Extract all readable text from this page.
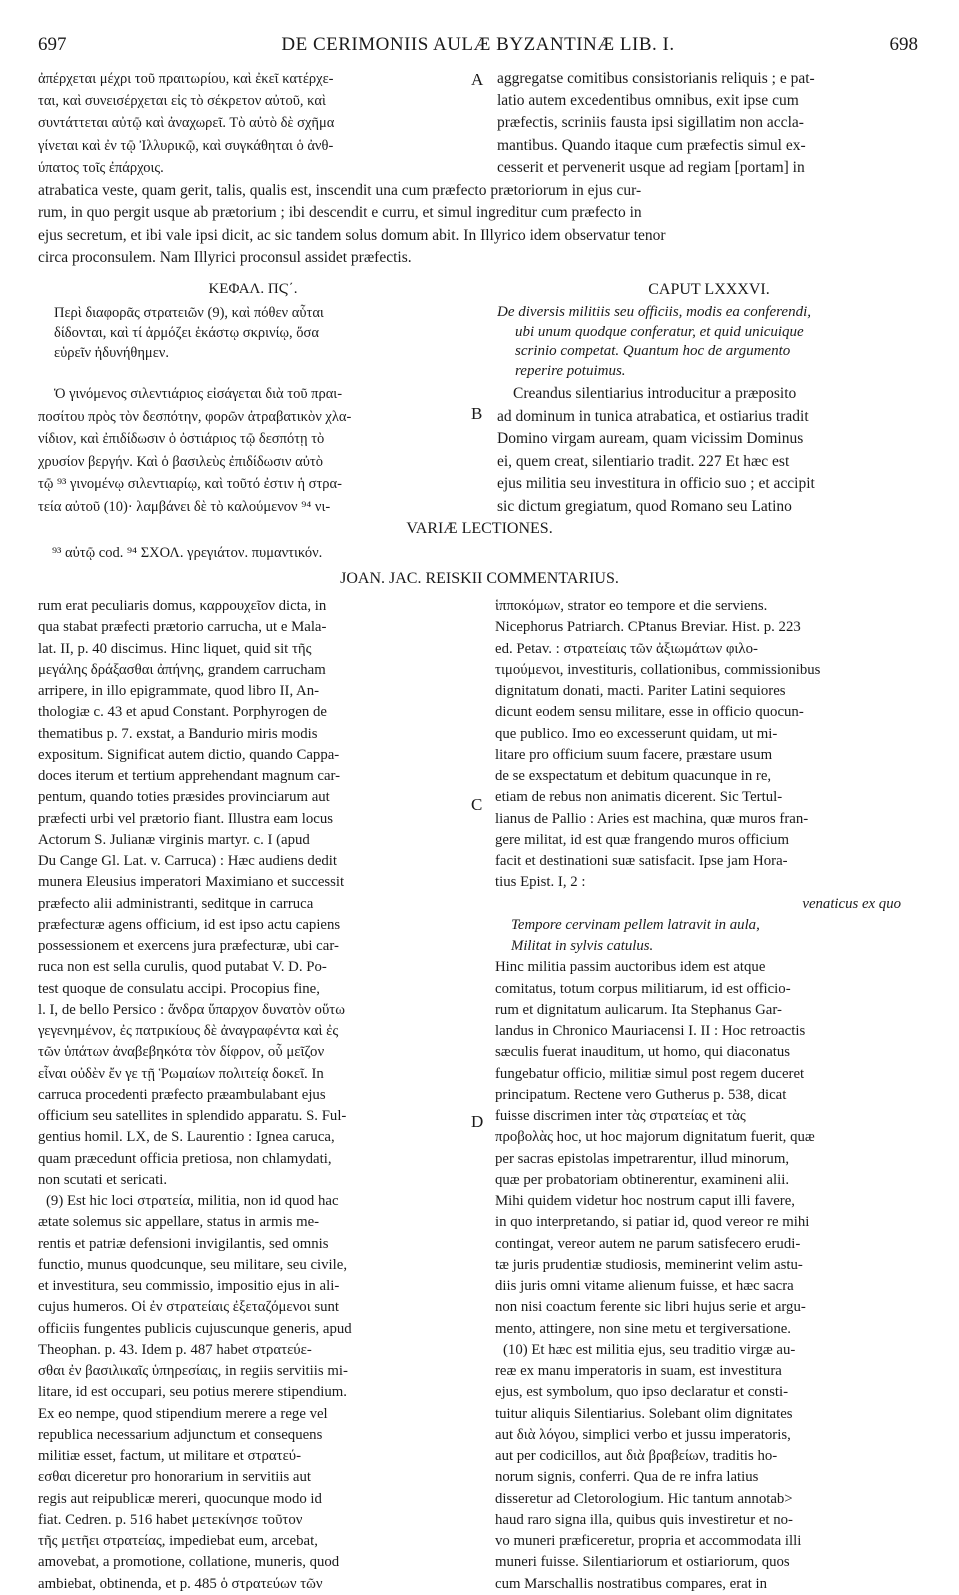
697	DE CERIMONIIS AULÆ BYZANTINÆ LIB. I.	698
A
B
C
D
ἀπέρχεται μέχρι τοῦ πραιτωρίου, καὶ ἐκεῖ κατέρχε-
ται, καὶ συνεισέρχεται εἰς τὸ σέκρετον αὐτοῦ, καὶ
συντάττεται αὐτῷ καὶ ἀναχωρεῖ. Τὸ αὐτὸ δὲ σχῆμα
γίνεται καὶ ἐν τῷ Ἰλλυρικῷ, καὶ συγκάθηται ὁ ἀνθ-
ύπατος τοῖς ἐπάρχοις.
aggregatse comitibus consistorianis reliquis ; e pat-
latio autem excedentibus omnibus, exit ipse cum
præfectis, scriniis fausta ipsi sigillatim non accla-
mantibus. Quando itaque cum præfectis simul ex-
cesserit et pervenerit usque ad regiam [portam] in
atrabatica veste, quam gerit, talis, qualis est, inscendit una cum præfecto prætoriorum in ejus cur-
rum, in quo pergit usque ab prætorium ; ibi descendit e curru, et simul ingreditur cum præfecto in
ejus secretum, et ibi vale ipsi dicit, ac sic tandem solus domum abit. In Illyrico idem observatur tenor
circa proconsulem. Nam Illyrici proconsul assidet præfectis.
ΚΕΦΑΛ. ΠϚ΄.	CAPUT LXXXVI.
Περὶ διαφορᾶς στρατειῶν (9), καὶ πόθεν αὗται
δίδονται, καὶ τί ἁρμόζει ἑκάστῳ σκρινίῳ, ὅσα
εὑρεῖν ἠδυνήθημεν.
De diversis militiis seu officiis, modis ea conferendi,
ubi unum quodque conferatur, et quid unicuique
scrinio competat. Quantum hoc de argumento
reperire potuimus.
Ὁ γινόμενος σιλεντιάριος εἰσάγεται διὰ τοῦ πραι-
ποσίτου πρὸς τὸν δεσπότην, φορῶν ἀτραβατικὸν χλα-
νίδιον, καὶ ἐπιδίδωσιν ὁ ὀστιάριος τῷ δεσπότῃ τὸ
χρυσίον βεργήν. Καὶ ὁ βασιλεὺς ἐπιδίδωσιν αὐτὸ
τῷ ⁹³ γινομένῳ σιλεντιαρίῳ, καὶ τοῦτό ἐστιν ἡ στρα-
τεία αὐτοῦ (10)· λαμβάνει δὲ τὸ καλούμενον ⁹⁴ νι-
Creandus silentiarius introducitur a præposito
ad dominum in tunica atrabatica, et ostiarius tradit
Domino virgam auream, quam vicissim Dominus
ei, quem creat, silentiario tradit. 227 Et hæc est
ejus militia seu investitura in officio suo ; et accipit
sic dictum gregiatum, quod Romano seu Latino
VARIÆ LECTIONES.
⁹³ αὐτῷ cod. ⁹⁴ ΣΧΟΛ. γρεγιάτον. πυμαντικόν.
JOAN. JAC. REISKII COMMENTARIUS.
rum erat peculiaris domus, καρρουχεῖον dicta, in
qua stabat præfecti prætorio carrucha, ut e Mala-
lat. II, p. 40 discimus. Hinc liquet, quid sit τῆς
μεγάλης δράξασθαι ἀπήνης, grandem carrucham
arripere, in illo epigrammate, quod libro II, An-
thologiæ c. 43 et apud Constant. Porphyrogen de
thematibus p. 7. exstat, a Bandurio miris modis
expositum. Significat autem dictio, quando Cappa-
doces iterum et tertium apprehendant magnum car-
pentum, quando toties præsides provinciarum aut
præfecti urbi vel prætorio fiant. Illustra eam locus
Actorum S. Julianæ virginis martyr. c. I (apud
Du Cange Gl. Lat. v. Carruca) : Hæc audiens dedit
munera Eleusius imperatori Maximiano et successit
præfecto alii administranti, seditque in carruca
præfecturæ agens officium, id est ipso actu capiens
possessionem et exercens jura præfecturæ, ubi car-
ruca non est sella curulis, quod putabat V. D. Po-
test quoque de consulatu accipi. Procopius fine,
l. I, de bello Persico : ἄνδρα ὕπαρχον δυνατὸν οὕτω
γεγενημένον, ἐς πατρικίους δὲ ἀναγραφέντα καὶ ἐς
τῶν ὑπάτων ἀναβεβηκότα τὸν δίφρον, οὗ μεῖζον
εἶναι οὐδὲν ἔν γε τῇ Ῥωμαίων πολιτείᾳ δοκεῖ. In
carruca procedenti præfecto præambulabant ejus
officium seu satellites in splendido apparatu. S. Ful-
gentius homil. LX, de S. Laurentio : Ignea caruca,
quam præcedunt officia pretiosa, non chlamydati,
non scutati et sericati.
(9) Est hic loci στρατεία, militia, non id quod hac
ætate solemus sic appellare, status in armis me-
rentis et patriæ defensioni invigilantis, sed omnis
functio, munus quodcunque, seu militare, seu civile,
et investitura, seu commissio, impositio ejus in ali-
cujus humeros. Οἱ ἐν στρατείαις ἐξεταζόμενοι sunt
officiis fungentes publicis cujuscunque generis, apud
Theophan. p. 43. Idem p. 487 habet στρατεύε-
σθαι ἐν βασιλικαῖς ὑπηρεσίαις, in regiis servitiis mi-
litare, id est occupari, seu potius merere stipendium.
Ex eo nempe, quod stipendium merere a rege vel
republica necessarium adjunctum et consequens
militiæ esset, factum, ut militare et στρατεύ-
εσθαι diceretur pro honorarium in servitiis aut
regis aut reipublicæ mereri, quocunque modo id
fiat. Cedren. p. 516 habet μετεκίνησε τοῦτον
τῆς μετῆει στρατείας, impediebat eum, arcebat,
amovebat, a promotione, collatione, muneris, quod
ambiebat, obtinenda, et p. 485 ὁ στρατεύων τῶν
ἱπποκόμων, strator eo tempore et die serviens.
Nicephorus Patriarch. CPtanus Breviar. Hist. p. 223
ed. Petav. : στρατείαις τῶν ἀξιωμάτων φιλο-
τιμούμενοι, investituris, collationibus, commissionibus
dignitatum donati, macti. Pariter Latini sequiores
dicunt eodem sensu militare, esse in officio quocun-
que publico. Imo eo excesserunt quidam, ut mi-
litare pro officium suum facere, præstare usum
de se exspectatum et debitum quacunque in re,
etiam de rebus non animatis dicerent. Sic Tertul-
lianus de Pallio : Aries est machina, quæ muros fran-
gere militat, id est quæ frangendo muros officium
facit et destinationi suæ satisfacit. Ipse jam Hora-
tius Epist. I, 2 :
venaticus ex quo
Tempore cervinam pellem latravit in aula,
Militat in sylvis catulus.
Hinc militia passim auctoribus idem est atque
comitatus, totum corpus militiarum, id est officio-
rum et dignitatum aulicarum. Ita Stephanus Gar-
landus in Chronico Mauriacensi I. II : Hoc retroactis
sæculis fuerat inauditum, ut homo, qui diaconatus
fungebatur officio, militiæ simul post regem duceret
principatum. Rectene vero Gutherus p. 538, dicat
fuisse discrimen inter τὰς στρατείας et τὰς
προβολὰς hoc, ut hoc majorum dignitatum fuerit, quæ
per sacras epistolas impetrarentur, illud minorum,
quæ per probatoriam obtinerentur, examineni alii.
Mihi quidem videtur hoc nostrum caput illi favere,
in quo interpretando, si patiar id, quod vereor re mihi
contingat, vereor autem ne parum satisfecero erudi-
tæ juris prudentiæ studiosis, meminerint velim astu-
diis juris omni vitame alienum fuisse, et hæc sacra
non nisi coactum ferente sic libri hujus serie et argu-
mento, attingere, non sine metu et tergiversatione.
(10) Et hæc est militia ejus, seu traditio virgæ au-
reæ ex manu imperatoris in suam, est investitura
ejus, est symbolum, quo ipso declaratur et consti-
tuitur aliquis Silentiarius. Solebant olim dignitates
aut διὰ λόγου, simplici verbo et jussu imperatoris,
aut per codicillos, aut διὰ βραβείων, traditis ho-
norum signis, conferri. Qua de re infra latius
disseretur ad Cletorologium. Hic tantum annotab>
haud raro signa illa, quibus quis investiretur et no-
vo muneri præficeretur, propria et accommodata illi
muneri fuisse. Silentiariorum et ostiariorum, quos
cum Marschallis nostratibus compares, erat in
